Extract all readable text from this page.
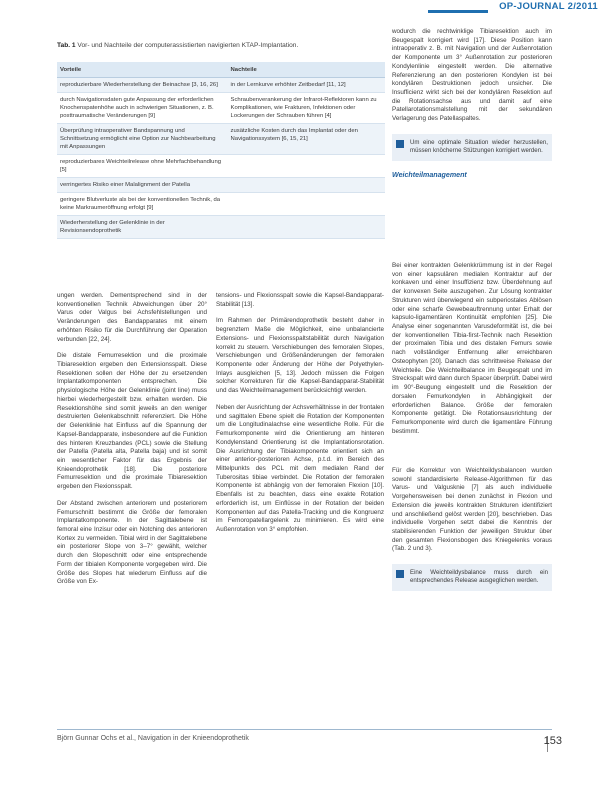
OP-JOURNAL 2/2011
Tab. 1 Vor- und Nachteile der computerassistierten navigierten KTAP-Implantation.
Vorteile	Nachteile
reproduzierbare Wiederherstellung der Beinachse [3, 16, 26]	in der Lernkurve erhöhter Zeitbedarf [11, 12]
durch Navigationsdaten gute Anpassung der erforderlichen Knochenspatenhöhe auch in schwierigen Situationen, z. B. posttraumatische Veränderungen [9]	Schraubenverankerung der Infrarot-Reflektoren kann zu Komplikationen, wie Frakturen, Infektionen oder Lockerungen der Schrauben führen [4]
Überprüfung intraoperativer Bandspannung und Schnittsetzung ermöglicht eine Option zur Nachbearbeitung mit Anpassungen	zusätzliche Kosten durch das Implantat oder den Navigationssystem [6, 15, 21]
reproduzierbares Weichteilrelease ohne Mehrfachbehandlung [5]	
verringertes Risiko einer Malalignment der Patella	
geringere Blutverluste als bei der konventionellen Technik, da keine Markraumeröffnung erfolgt [9]	
Wiederherstellung der Gelenklinie in der Revisionsendoprothetik	

ungen werden. Dementsprechend sind in der konventionellen Technik Abweichungen über 20° Varus oder Valgus bei Achsfehlstellungen und Veränderungen des Bandapparates mit einem erhöhten Risiko für die Durchführung der Operation verbunden [22, 24].

Die distale Femurresektion und die proximale Tibiaresektion ergeben den Extensionsspalt. Diese Resektionen sollen der Höhe der zu ersetzenden Implantatkomponenten entsprechen. Die physiologische Höhe der Gelenklinie (joint line) muss hierbei wiederhergestellt bzw. erhalten werden. Die Resektionshöhe sind somit jeweils an den weniger destruierten Gelenkabschnitt referenziert. Die Höhe der Gelenklinie hat Einfluss auf die Spannung der Kapsel-Bandapparate, insbesondere auf die Funktion des hinteren Kreuzbandes (PCL) sowie die Stellung der Patella (Patella alta, Patella baja) und ist somit ein wesentlicher Faktor für das Ergebnis der Knieendoprothetik [18]. Die posteriore Femurresektion und die proximale Tibiaresektion ergeben den Flexionsspalt.

Der Abstand zwischen anteriorem und posteriorem Femurschnitt bestimmt die Größe der femoralen Implantatkomponente. In der Sagittalebene ist femoral eine Inzisur oder ein Notching des anterioren Kortex zu vermeiden. Tibial wird in der Sagittalebene ein posteriorer Slope von 3–7° gewählt, welcher durch den Slopeschnitt oder eine entsprechende Form der tibialen Komponente vorgegeben wird. Die Größe des Slopes hat wiederum Einfluss auf die Größe von Ex-

tensions- und Flexionsspalt sowie die Kapsel-Bandapparat-Stabilität [13].

Im Rahmen der Primärendoprothetik besteht daher in begrenztem Maße die Möglichkeit, eine unbalancierte Extensions- und Flexionsspaltstabilität durch Navigation korrekt zu steuern. Verschiebungen des femoralen Slopes, Verschiebungen und Größenänderungen der femoralen Komponente oder Änderung der Höhe der Polyethylen-Inlays ausgleichen [5, 13]. Jedoch müssen die Folgen solcher Korrekturen für die Kapsel-Bandapparat-Stabilität und das Weichteilmanagement berücksichtigt werden.

Neben der Ausrichtung der Achsverhältnisse in der frontalen und sagittalen Ebene spielt die Rotation der Komponenten um die Longitudinalachse eine wesentliche Rolle. Für die Femurkomponente wird die Orientierung am hinteren Kondylenstand Orientierung ist die Implantationsrotation. Die Ausrichtung der Tibiakomponente orientiert sich an einer anterior-posterioren Achse, p.t.d. im Bereich des Mittelpunkts des PCL mit dem medialen Rand der Tuberositas tibiae verbindet. Die Rotation der femoralen Komponente ist abhängig von der femoralen Flexion [10]. Ebenfalls ist zu beachten, dass eine exakte Rotation erforderlich ist, um Einflüsse in der Rotation der beiden Komponenten auf das Patella-Tracking und die Kongruenz im Femoropatellargelenk zu minimieren. Es wird eine Außenrotation von 3° empfohlen.

wodurch die rechtwinklige Tibiaresektion auch im Beugespalt korrigiert wird [17]. Diese Position kann intraoperativ z. B. mit Navigation und der Außenrotation der Komponente um 3° Außenrotation zur posterioren Kondylenlinie eingestellt werden. Die alternative Referenzierung an den posterioren Kondylen ist bei kondylären Destruktionen jedoch unsicher. Die Insufficienz wirkt sich bei der kondylären Resektion auf die Rotationsachse aus und damit auf eine Patellarotationsmalstellung mit der sekundären Verlagerung des Patellaspaltes.

Um eine optimale Situation wieder herzustellen, müssen knöcherne Stützungen korrigiert werden.
Weichteilmanagement

Bei einer kontrakten Gelenkkrümmung ist in der Regel von einer kapsulären medialen Kontraktur auf der konkaven und einer Insuffizienz bzw. Überdehnung auf der konvexen Seite auszugehen. Zur Lösung kontrakter Strukturen wird überwiegend ein subperiostales Ablösen oder eine scharfe Gewebeauftrennung unter Erhalt der kapsulo-ligamentären Kontinuität empfohlen [25]. Die Analyse einer sogenannten Varusdeformität ist, die bei der konventionellen Tibia-first-Technik nach Resektion der proximalen Tibia und des distalen Femurs sowie nach vollständiger Entfernung aller erreichbaren Osteophyten [20]. Danach das schrittweise Release der Weichteile. Die Weichteilbalance im Beugespalt und im Streckspalt wird dann durch Spacer überprüft. Dabei wird im 90°-Beugung eingestellt und die Resektion der dorsalen Femurkondylen in Abhängigkeit der erforderlichen Balance. Größe der femoralen Komponente getätigt. Die Rotationsausrichtung der Femurkomponente wird durch die ligamentäre Führung bestimmt.

Für die Korrektur von Weichteildysbalancen wurden sowohl standardisierte Release-Algorithmen für das Varus- und Valgusknie [7] als auch individuelle Vorgehensweisen bei denen zunächst in Flexion und Extension die jeweils kontrakten Strukturen identifiziert und anschließend gelöst werden [20], beschrieben. Das individuelle Vorgehen setzt dabei die Kenntnis der stabilisierenden Funktion der jeweiligen Struktur über den gesamten Flexionsbogen des Kniegelenks voraus (Tab. 2 und 3).

Eine Weichteildysbalance muss durch ein entsprechendes Release ausgeglichen werden.
Björn Gunnar Ochs et al., Navigation in der Knieendoprothetik	153
